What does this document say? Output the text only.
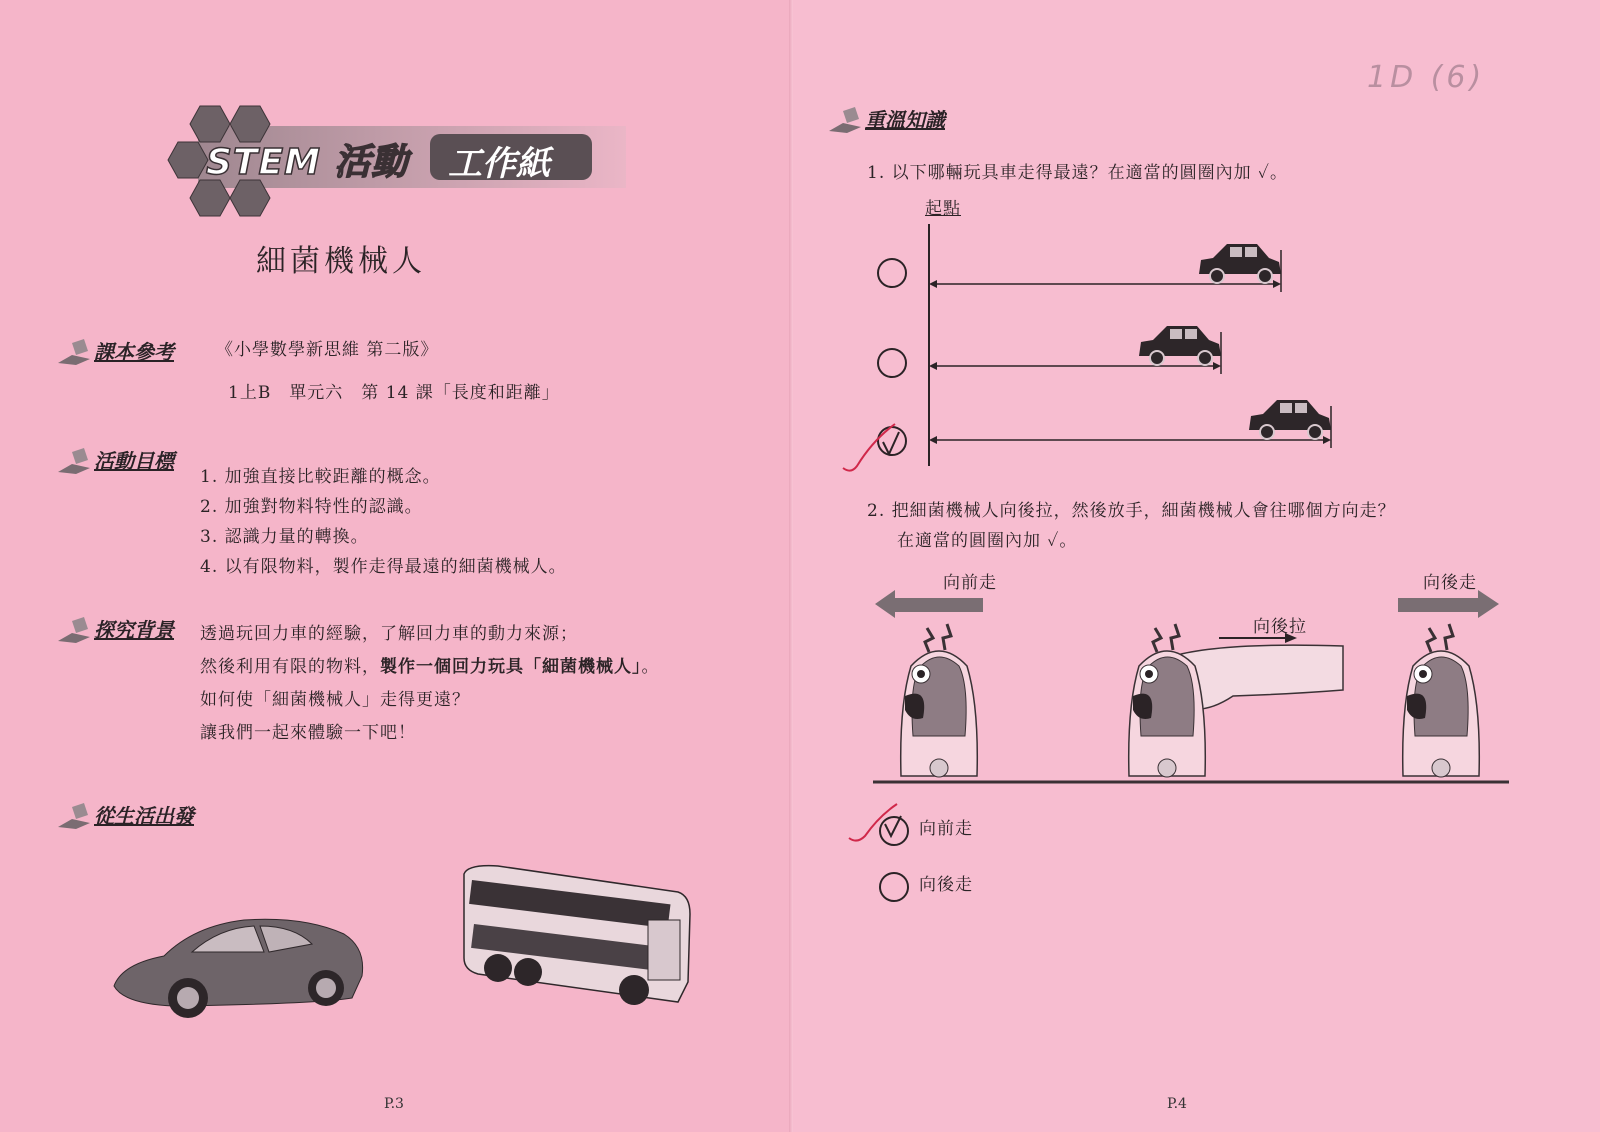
STEM 活動 工作紙
細菌機械人
課本參考 《小學數學新思維 第二版》
1上B　單元六　第 14 課「長度和距離」
活動目標
1. 加強直接比較距離的概念。
2. 加強對物料特性的認識。
3. 認識力量的轉換。
4. 以有限物料，製作走得最遠的細菌機械人。
探究背景 透過玩回力車的經驗，了解回力車的動力來源；
然後利用有限的物料，製作一個回力玩具「細菌機械人」。
如何使「細菌機械人」走得更遠？
讓我們一起來體驗一下吧！
從生活出發
P.3
1D (6)
重溫知識
1. 以下哪輛玩具車走得最遠？在適當的圓圈內加 ✓。
起點
2. 把細菌機械人向後拉，然後放手，細菌機械人會往哪個方向走？
在適當的圓圈內加 ✓。
向前走	向後走
向後拉
向前走
向後走
P.4
